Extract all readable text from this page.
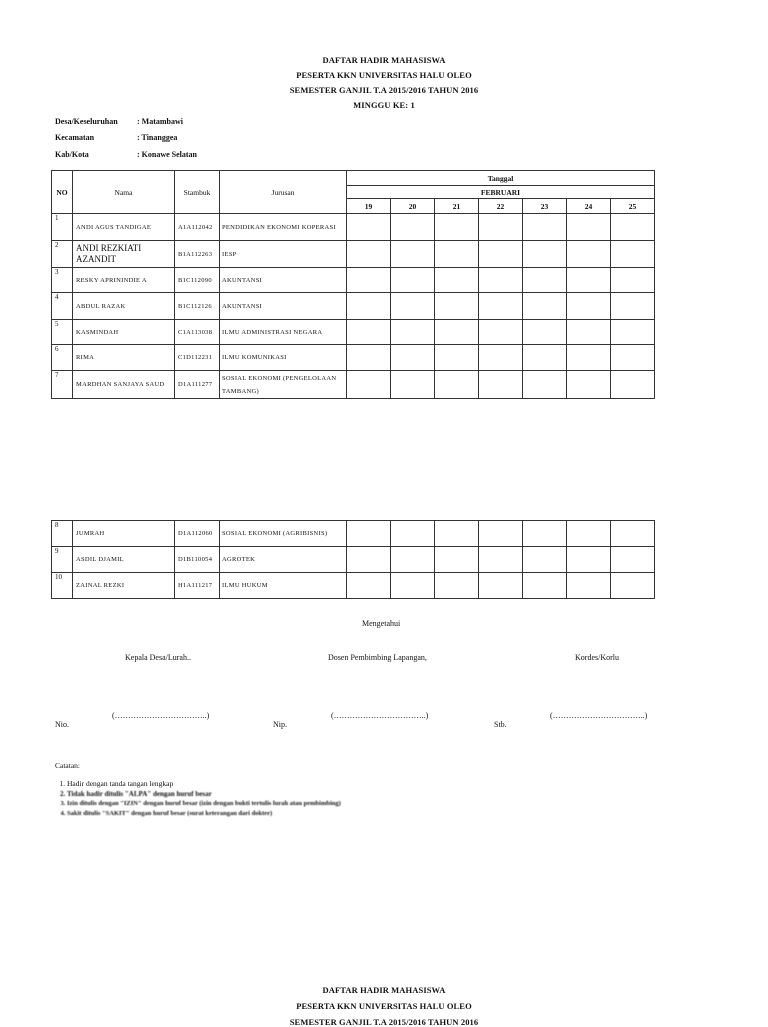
DAFTAR HADIR MAHASISWA
PESERTA KKN UNIVERSITAS HALU OLEO
SEMESTER GANJIL T.A 2015/2016 TAHUN 2016
MINGGU KE: 1
Desa/Keseluruhan : Matambawi
Kecamatan	: Tinanggea
Kab/Kota	: Konawe Selatan
NO	Nama	Stambuk	Jurusan	Tanggal						
				FEBRUARI						
				19	20	21	22	23	24	25
1	ANDI AGUS TANDIGAE	A1A112042	PENDIDIKAN EKONOMI KOPERASI							
2	ANDI REZKIATI AZANDIT	B1A112263	IESP							
3	RESKY APRININDIE A	B1C112090	AKUNTANSI							
4	ABDUL RAZAK	B1C112126	AKUNTANSI							
5	KASMINDAH	C1A113038	ILMU ADMINISTRASI NEGARA							
6	RIMA	C1D112231	ILMU KOMUNIKASI							
7	MARDHAN SANJAYA SAUD	D1A111277	SOSIAL EKONOMI (PENGELOLAAN TAMBANG)							
8	JUMRAH	D1A112060	SOSIAL EKONOMI (AGRIBISNIS)							
9	ASDIL DJAMIL	D1B110054	AGROTEK							
10	ZAINAL REZKI	H1A111217	ILMU HUKUM							
Mengetahui
Kepala Desa/Lurah..	Dosen Pembimbing Lapangan,	Kordes/Korlu
(……………………………..)	(……………………………..)	(……………………………..)
Nio.	Nip.	Stb.
Catatan:
1. Hadir dengan tanda tangan lengkap
2. Tidak hadir ditulis "ALPA" dengan huruf besar
3. Izin ditulis dengan "IZIN" dengan huruf besar (izin dengan bukti tertulis lurah atau pembimbing)
4. Sakit ditulis "SAKIT" dengan huruf besar (surat keterangan dari dokter)
DAFTAR HADIR MAHASISWA
PESERTA KKN UNIVERSITAS HALU OLEO
SEMESTER GANJIL T.A 2015/2016 TAHUN 2016
